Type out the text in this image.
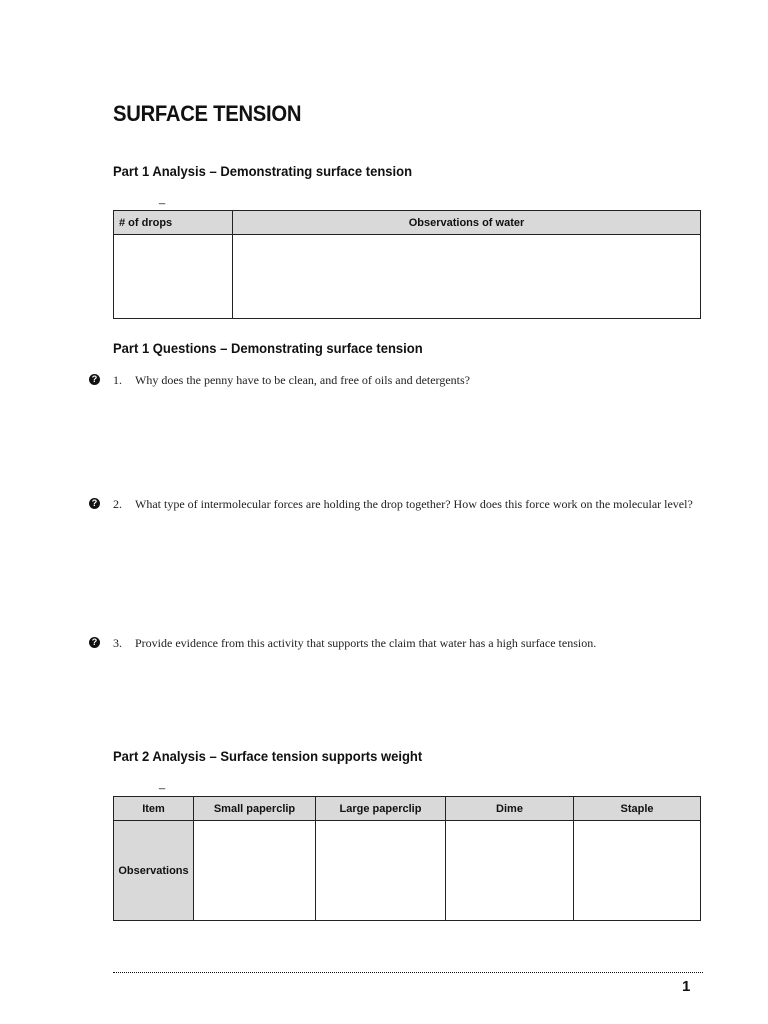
SURFACE TENSION
Part 1 Analysis – Demonstrating surface tension
_
# of drops	Observations of water

Part 1 Questions – Demonstrating surface tension
? 1. Why does the penny have to be clean, and free of oils and detergents?
? 2. What type of intermolecular forces are holding the drop together? How does this force work on the molecular level?
? 3. Provide evidence from this activity that supports the claim that water has a high surface tension.
Part 2 Analysis – Surface tension supports weight
_
Item	Small paperclip	Large paperclip	Dime	Staple
Observations				
1
